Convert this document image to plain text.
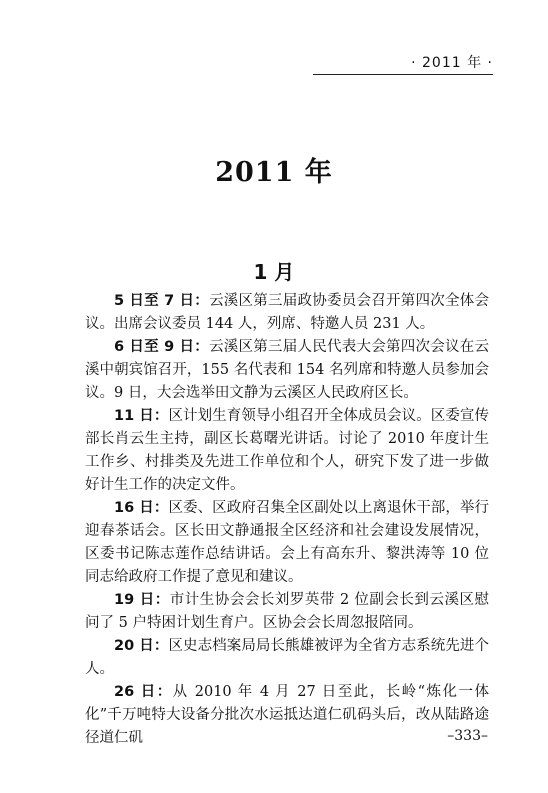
· 2011 年 ·
2011 年
1 月

5 日至 7 日：云溪区第三届政协委员会召开第四次全体会议。出席会议委员 144 人，列席、特邀人员 231 人。

6 日至 9 日：云溪区第三届人民代表大会第四次会议在云溪中朝宾馆召开，155 名代表和 154 名列席和特邀人员参加会议。9 日，大会选举田文静为云溪区人民政府区长。

11 日：区计划生育领导小组召开全体成员会议。区委宣传部长肖云生主持，副区长葛曙光讲话。讨论了 2010 年度计生工作乡、村排类及先进工作单位和个人，研究下发了进一步做好计生工作的决定文件。

16 日：区委、区政府召集全区副处以上离退休干部，举行迎春茶话会。区长田文静通报全区经济和社会建设发展情况，区委书记陈志莲作总结讲话。会上有高东升、黎洪涛等 10 位同志给政府工作提了意见和建议。

19 日：市计生协会会长刘罗英带 2 位副会长到云溪区慰问了 5 户特困计划生育户。区协会会长周忽报陪同。

20 日：区史志档案局局长熊雄被评为全省方志系统先进个人。

26 日：从 2010 年 4 月 27 日至此，长岭“炼化一体化”千万吨特大设备分批次水运抵达道仁矶码头后，改从陆路途径道仁矶	–333–
